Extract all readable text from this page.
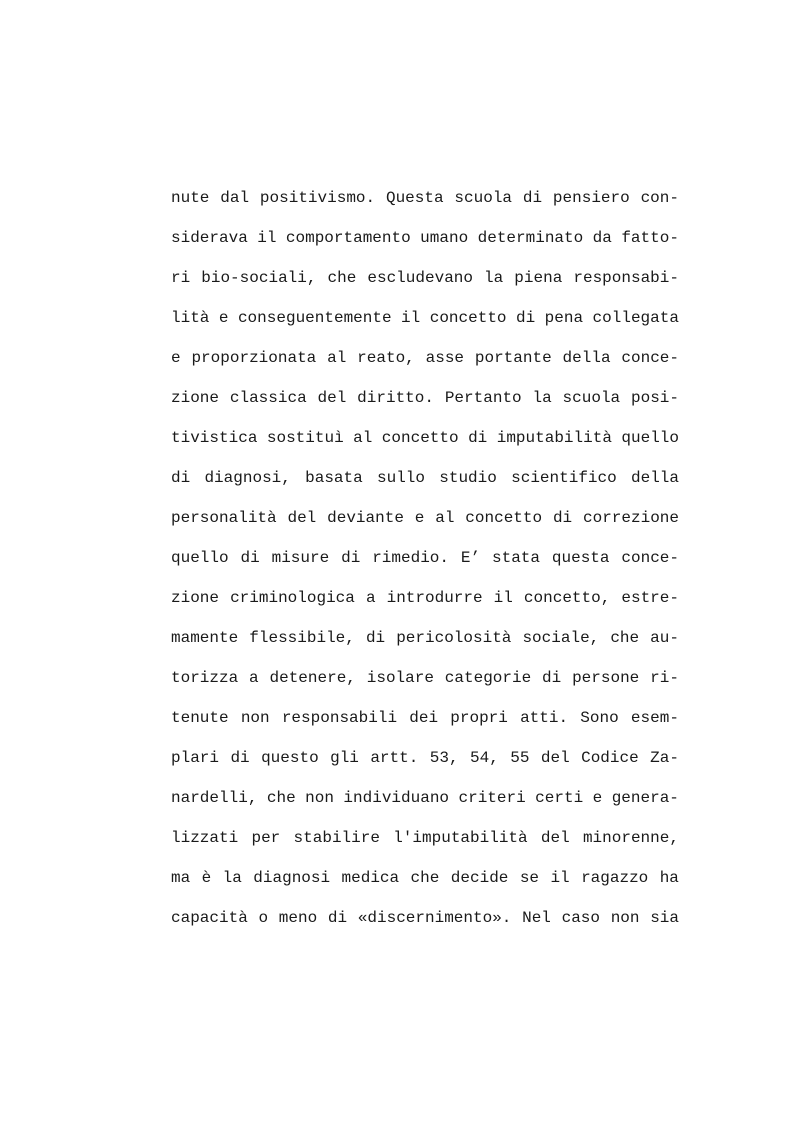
nute dal positivismo. Questa scuola di pensiero con-
siderava il comportamento umano determinato da fatto-
ri bio-sociali, che escludevano la piena responsabi-
lità e conseguentemente il concetto di pena collegata
e proporzionata al reato, asse portante della conce-
zione classica del diritto. Pertanto la scuola posi-
tivistica sostituì al concetto di imputabilità quello
di diagnosi, basata sullo studio scientifico della
personalità del deviante e al concetto di correzione
quello di misure di rimedio. E’ stata questa conce-
zione criminologica a introdurre il concetto, estre-
mamente flessibile, di pericolosità sociale, che au-
torizza a detenere, isolare categorie di persone ri-
tenute non responsabili dei propri atti. Sono esem-
plari di questo gli artt. 53, 54, 55 del Codice Za-
nardelli, che non individuano criteri certi e genera-
lizzati per stabilire l'imputabilità del minorenne,
ma è la diagnosi medica che decide se il ragazzo ha
capacità o meno di «discernimento». Nel caso non sia
